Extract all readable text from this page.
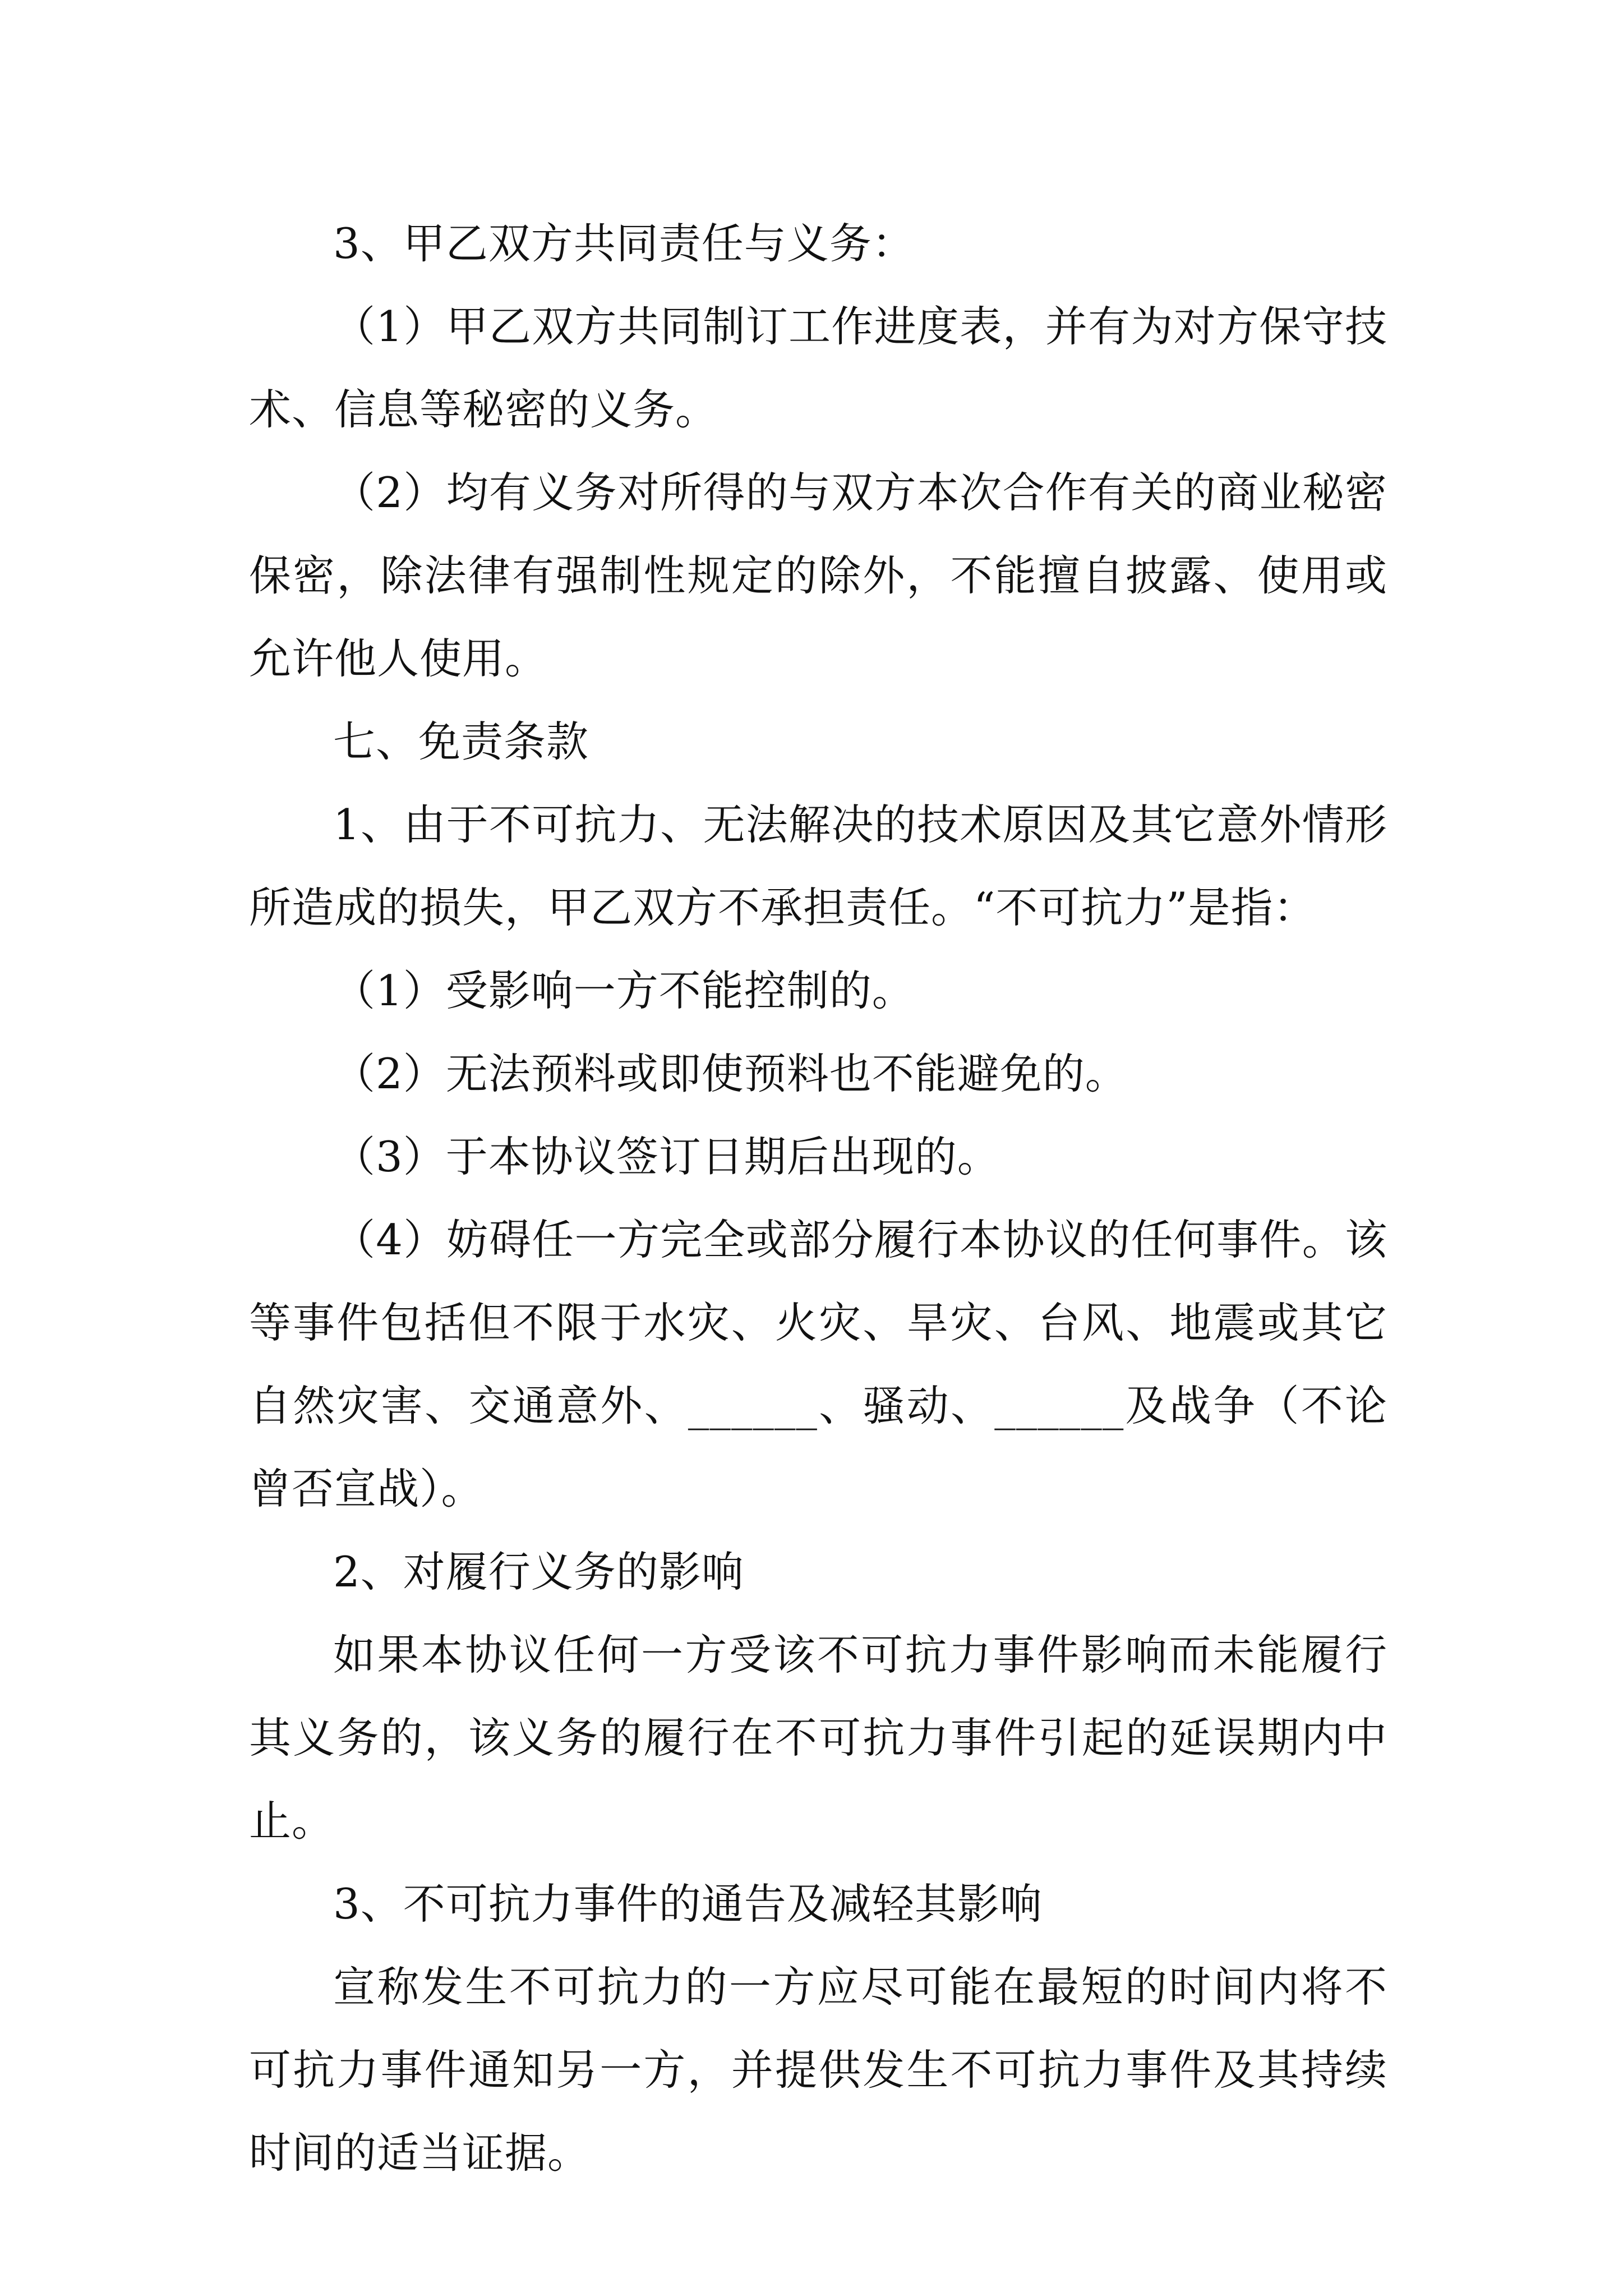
3、甲乙双方共同责任与义务：

（1）甲乙双方共同制订工作进度表，并有为对方保守技术、信息等秘密的义务。

（2）均有义务对所得的与双方本次合作有关的商业秘密保密，除法律有强制性规定的除外，不能擅自披露、使用或允许他人使用。

七、免责条款

1、由于不可抗力、无法解决的技术原因及其它意外情形所造成的损失，甲乙双方不承担责任。“不可抗力”是指：

（1）受影响一方不能控制的。

（2）无法预料或即使预料也不能避免的。

（3）于本协议签订日期后出现的。

（4）妨碍任一方完全或部分履行本协议的任何事件。该等事件包括但不限于水灾、火灾、旱灾、台风、地震或其它自然灾害、交通意外、______、骚动、______及战争（不论曾否宣战）。

2、对履行义务的影响

如果本协议任何一方受该不可抗力事件影响而未能履行其义务的，该义务的履行在不可抗力事件引起的延误期内中止。

3、不可抗力事件的通告及减轻其影响

宣称发生不可抗力的一方应尽可能在最短的时间内将不可抗力事件通知另一方，并提供发生不可抗力事件及其持续时间的适当证据。
